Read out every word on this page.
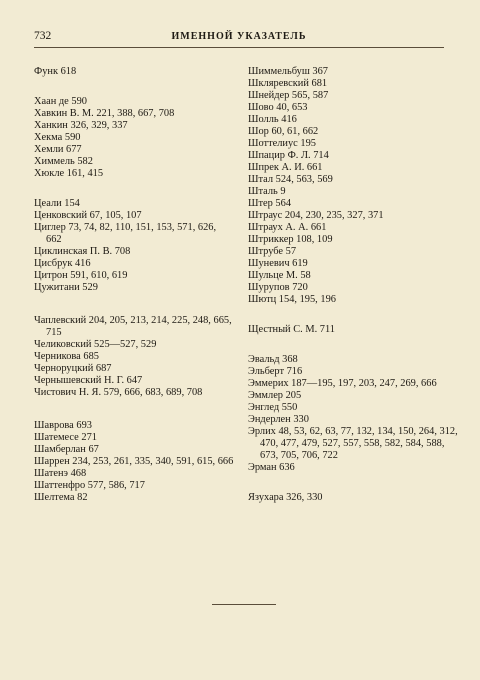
732	ИМЕННОЙ УКАЗАТЕЛЬ
Функ 618
Хаан де 590
Хавкин В. М. 221, 388, 667, 708
Ханкин 326, 329, 337
Хекма 590
Хемли 677
Химмель 582
Хюкле 161, 415
Цеали 154
Ценковский 67, 105, 107
Циглер 73, 74, 82, 110, 151, 153, 571, 626, 662
Циклинская П. В. 708
Цисбрук 416
Цитрон 591, 610, 619
Цужитани 529
Чаплевский 204, 205, 213, 214, 225, 248, 665, 715
Челиковский 525—527, 529
Черникова 685
Черноруцкий 687
Чернышевский Н. Г. 647
Чистович Н. Я. 579, 666, 683, 689, 708
Шаврова 693
Шатемесе 271
Шамберлан 67
Шаррен 234, 253, 261, 335, 340, 591, 615, 666
Шатенэ 468
Шаттенфро 577, 586, 717
Шелтема 82
Шиммельбуш 367
Шкляревский 681
Шнейдер 565, 587
Шово 40, 653
Шолль 416
Шор 60, 61, 662
Шоттелиус 195
Шпацир Ф. Л. 714
Шпрек А. И. 661
Штал 524, 563, 569
Шталь 9
Штер 564
Штраус 204, 230, 235, 327, 371
Штраух А. А. 661
Штриккер 108, 109
Штрубе 57
Шуневич 619
Шульце М. 58
Шурупов 720
Шютц 154, 195, 196
Щестный С. М. 711
Эвальд 368
Эльберт 716
Эммерих 187—195, 197, 203, 247, 269, 666
Эммлер 205
Энглед 550
Эндерлен 330
Эрлих 48, 53, 62, 63, 77, 132, 134, 150, 264, 312, 470, 477, 479, 527, 557, 558, 582, 584, 588, 673, 705, 706, 722
Эрман 636
Язухара 326, 330
